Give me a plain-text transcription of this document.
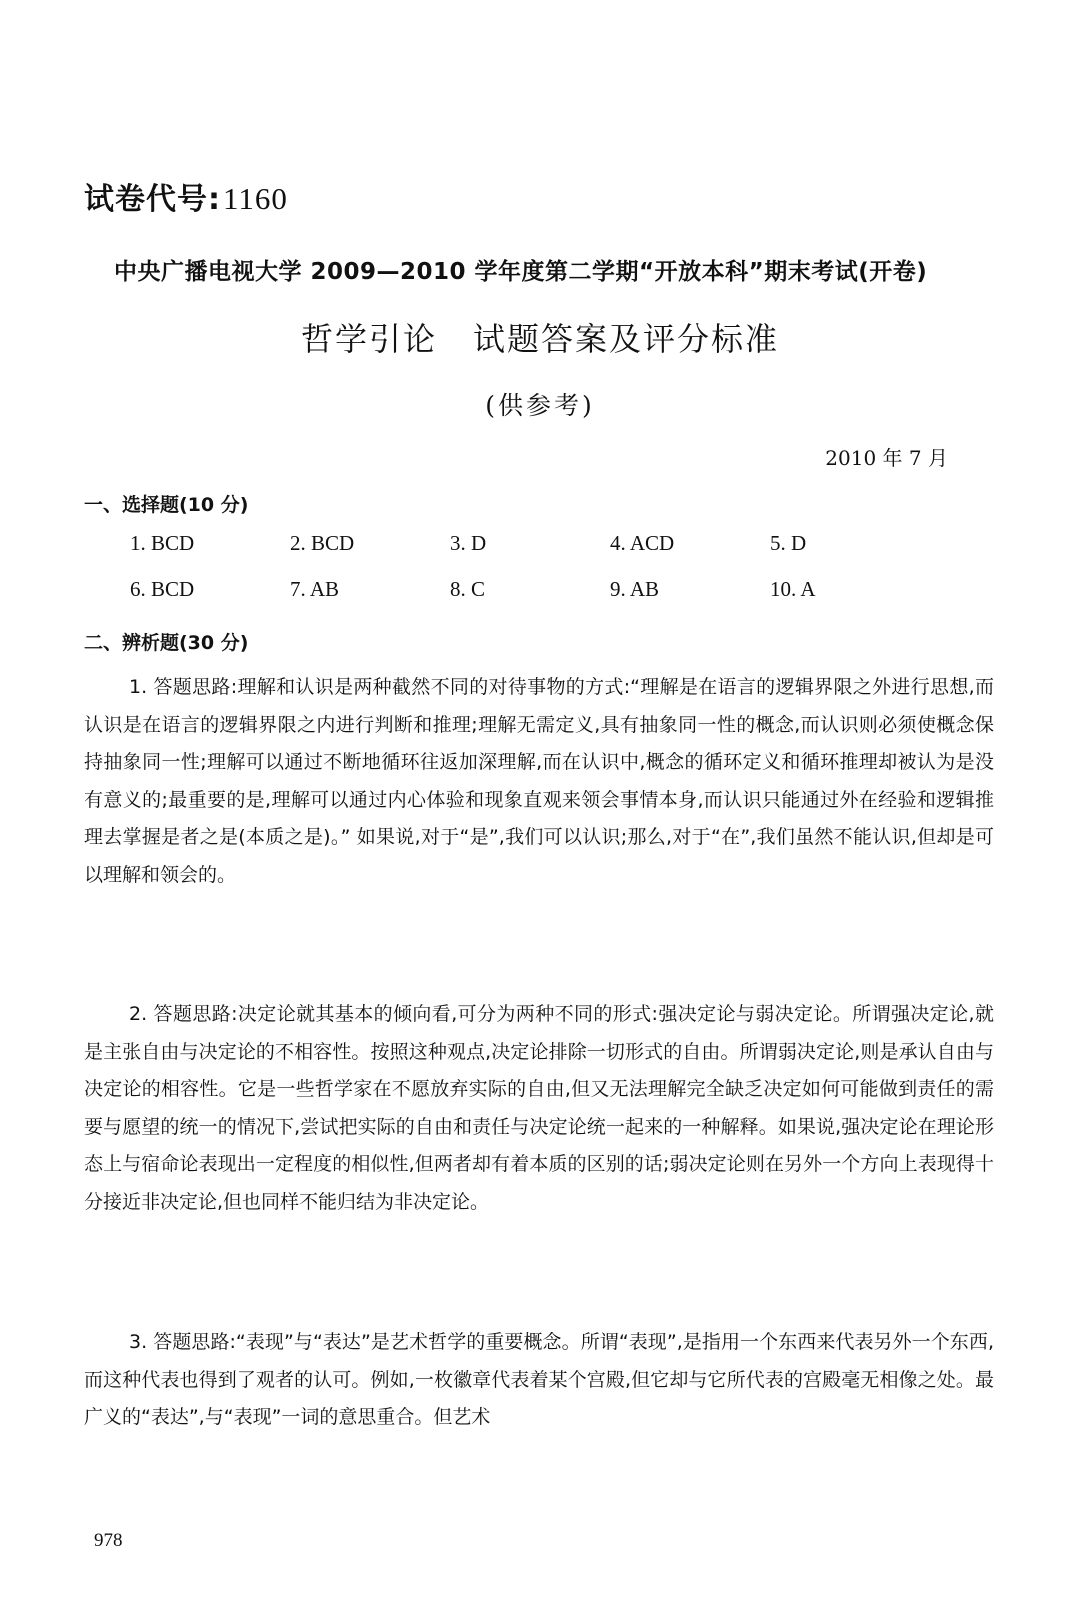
试卷代号:1160
中央广播电视大学 2009—2010 学年度第二学期“开放本科”期末考试(开卷)
哲学引论 试题答案及评分标准
(供参考)
2010 年 7 月
一、选择题(10 分)
1. BCD	2. BCD	3. D	4. ACD	5. D
6. BCD	7. AB	8. C	9. AB	10. A
二、辨析题(30 分)

1. 答题思路:理解和认识是两种截然不同的对待事物的方式:“理解是在语言的逻辑界限之外进行思想,而认识是在语言的逻辑界限之内进行判断和推理;理解无需定义,具有抽象同一性的概念,而认识则必须使概念保持抽象同一性;理解可以通过不断地循环往返加深理解,而在认识中,概念的循环定义和循环推理却被认为是没有意义的;最重要的是,理解可以通过内心体验和现象直观来领会事情本身,而认识只能通过外在经验和逻辑推理去掌握是者之是(本质之是)。” 如果说,对于“是”,我们可以认识;那么,对于“在”,我们虽然不能认识,但却是可以理解和领会的。

2. 答题思路:决定论就其基本的倾向看,可分为两种不同的形式:强决定论与弱决定论。所谓强决定论,就是主张自由与决定论的不相容性。按照这种观点,决定论排除一切形式的自由。所谓弱决定论,则是承认自由与决定论的相容性。它是一些哲学家在不愿放弃实际的自由,但又无法理解完全缺乏决定如何可能做到责任的需要与愿望的统一的情况下,尝试把实际的自由和责任与决定论统一起来的一种解释。如果说,强决定论在理论形态上与宿命论表现出一定程度的相似性,但两者却有着本质的区别的话;弱决定论则在另外一个方向上表现得十分接近非决定论,但也同样不能归结为非决定论。

3. 答题思路:“表现”与“表达”是艺术哲学的重要概念。所谓“表现”,是指用一个东西来代表另外一个东西,而这种代表也得到了观者的认可。例如,一枚徽章代表着某个宫殿,但它却与它所代表的宫殿毫无相像之处。最广义的“表达”,与“表现”一词的意思重合。但艺术

978
